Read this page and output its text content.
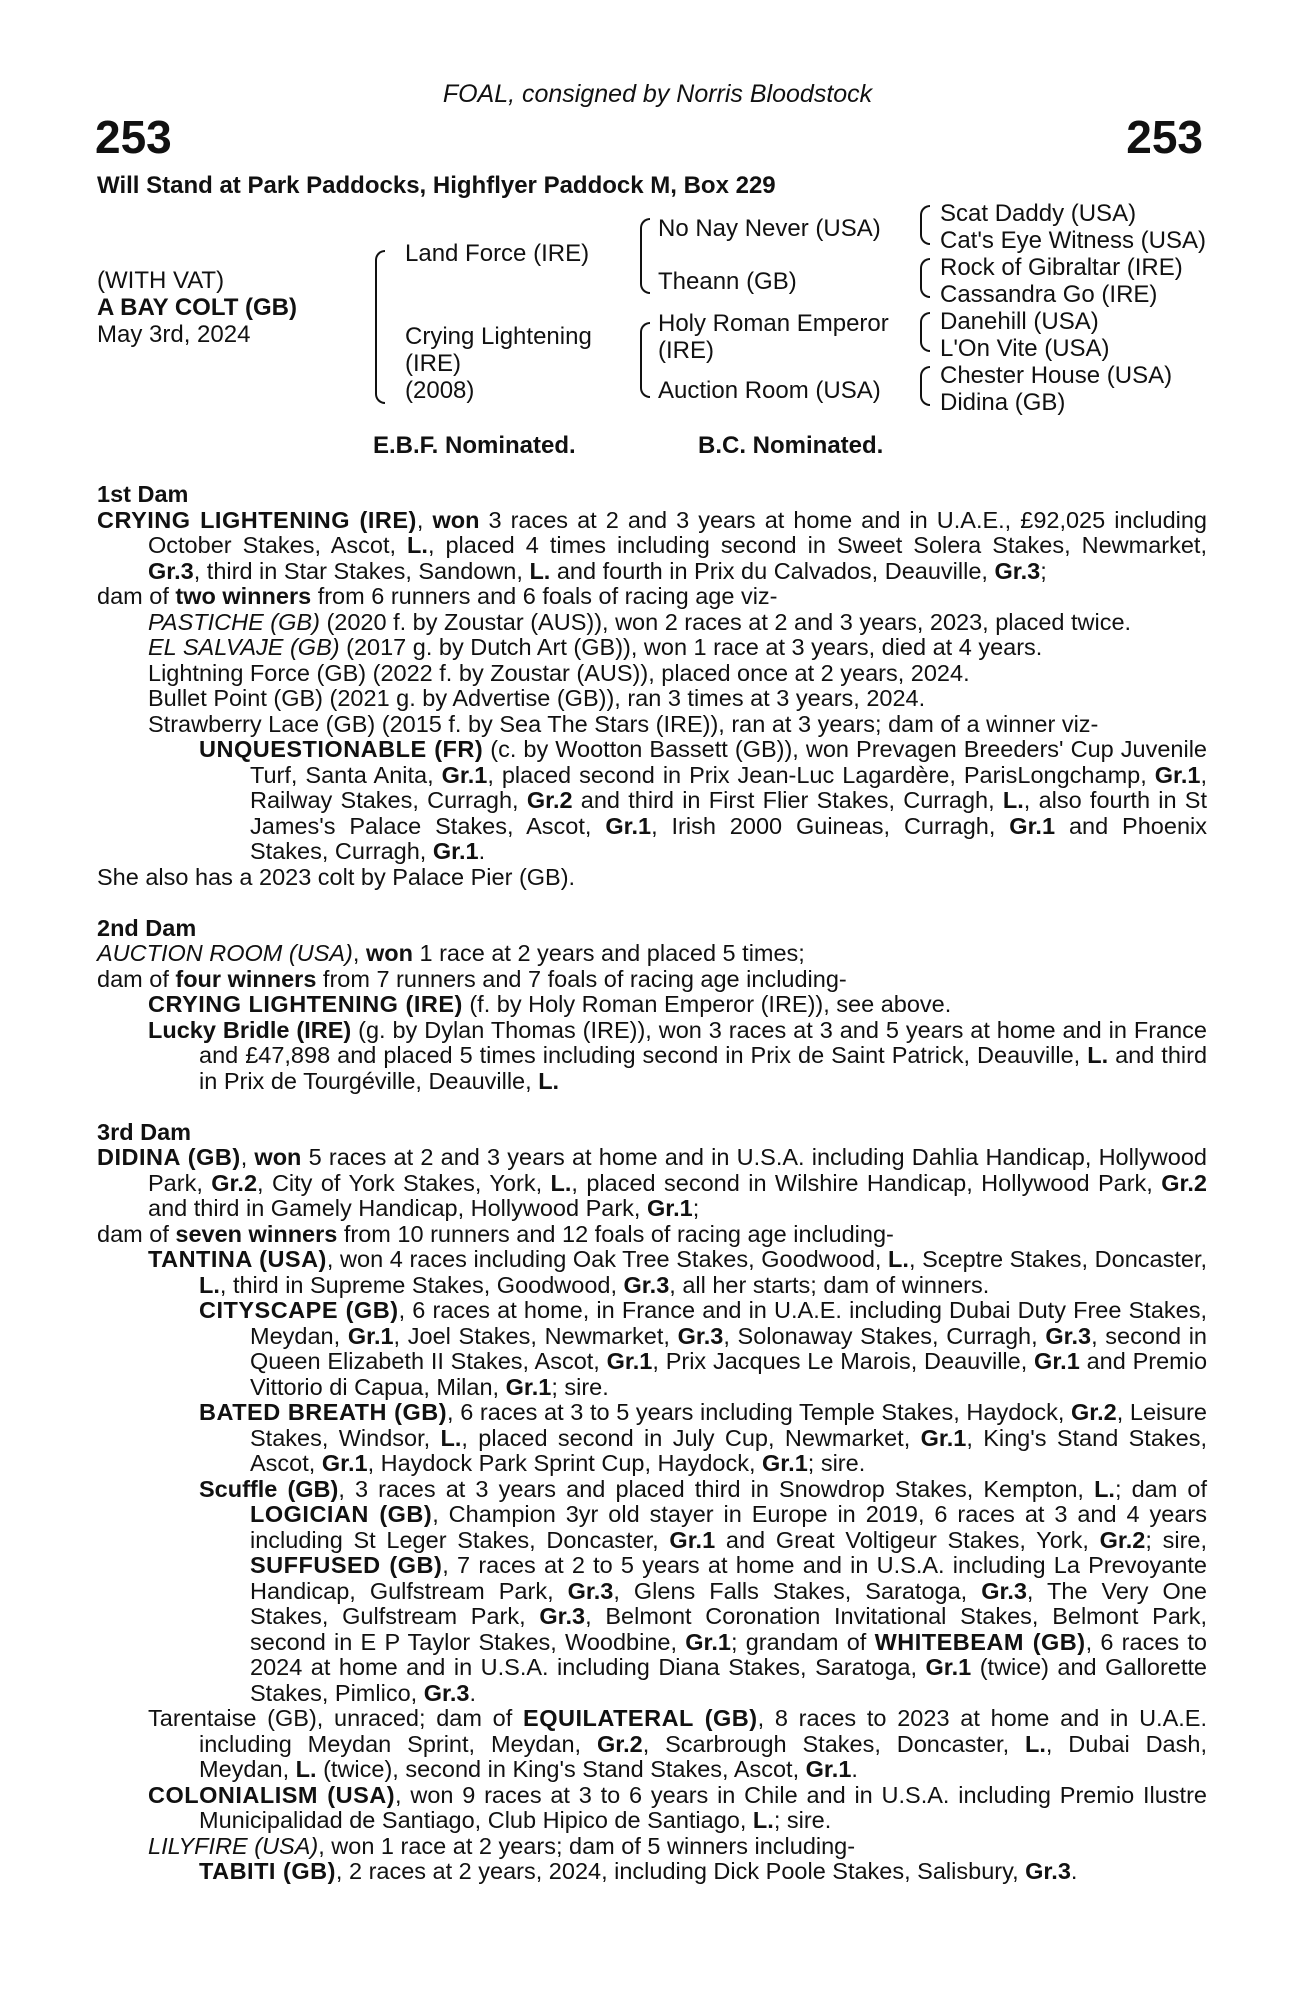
FOAL, consigned by Norris Bloodstock
253	253
Will Stand at Park Paddocks, Highflyer Paddock M, Box 229
(WITH VAT)
A BAY COLT (GB)
May 3rd, 2024
Land Force (IRE)
Crying Lightening
(IRE)
(2008)
No Nay Never (USA)
Theann (GB)
Holy Roman Emperor
(IRE)
Auction Room (USA)
Scat Daddy (USA)
Cat's Eye Witness (USA)
Rock of Gibraltar (IRE)
Cassandra Go (IRE)
Danehill (USA)
L'On Vite (USA)
Chester House (USA)
Didina (GB)
E.B.F. Nominated.	B.C. Nominated.

1st Dam

CRYING LIGHTENING (IRE), won 3 races at 2 and 3 years at home and in U.A.E., £92,025 including October Stakes, Ascot, L., placed 4 times including second in Sweet Solera Stakes, Newmarket, Gr.3, third in Star Stakes, Sandown, L. and fourth in Prix du Calvados, Deauville, Gr.3;

dam of two winners from 6 runners and 6 foals of racing age viz-

PASTICHE (GB) (2020 f. by Zoustar (AUS)), won 2 races at 2 and 3 years, 2023, placed twice.

EL SALVAJE (GB) (2017 g. by Dutch Art (GB)), won 1 race at 3 years, died at 4 years.

Lightning Force (GB) (2022 f. by Zoustar (AUS)), placed once at 2 years, 2024.

Bullet Point (GB) (2021 g. by Advertise (GB)), ran 3 times at 3 years, 2024.

Strawberry Lace (GB) (2015 f. by Sea The Stars (IRE)), ran at 3 years; dam of a winner viz-

UNQUESTIONABLE (FR) (c. by Wootton Bassett (GB)), won Prevagen Breeders' Cup Juvenile Turf, Santa Anita, Gr.1, placed second in Prix Jean-Luc Lagardère, ParisLongchamp, Gr.1, Railway Stakes, Curragh, Gr.2 and third in First Flier Stakes, Curragh, L., also fourth in St James's Palace Stakes, Ascot, Gr.1, Irish 2000 Guineas, Curragh, Gr.1 and Phoenix Stakes, Curragh, Gr.1.

She also has a 2023 colt by Palace Pier (GB).

2nd Dam

AUCTION ROOM (USA), won 1 race at 2 years and placed 5 times;

dam of four winners from 7 runners and 7 foals of racing age including-

CRYING LIGHTENING (IRE) (f. by Holy Roman Emperor (IRE)), see above.

Lucky Bridle (IRE) (g. by Dylan Thomas (IRE)), won 3 races at 3 and 5 years at home and in France and £47,898 and placed 5 times including second in Prix de Saint Patrick, Deauville, L. and third in Prix de Tourgéville, Deauville, L.

3rd Dam

DIDINA (GB), won 5 races at 2 and 3 years at home and in U.S.A. including Dahlia Handicap, Hollywood Park, Gr.2, City of York Stakes, York, L., placed second in Wilshire Handicap, Hollywood Park, Gr.2 and third in Gamely Handicap, Hollywood Park, Gr.1;

dam of seven winners from 10 runners and 12 foals of racing age including-

TANTINA (USA), won 4 races including Oak Tree Stakes, Goodwood, L., Sceptre Stakes, Doncaster, L., third in Supreme Stakes, Goodwood, Gr.3, all her starts; dam of winners.

CITYSCAPE (GB), 6 races at home, in France and in U.A.E. including Dubai Duty Free Stakes, Meydan, Gr.1, Joel Stakes, Newmarket, Gr.3, Solonaway Stakes, Curragh, Gr.3, second in Queen Elizabeth II Stakes, Ascot, Gr.1, Prix Jacques Le Marois, Deauville, Gr.1 and Premio Vittorio di Capua, Milan, Gr.1; sire.

BATED BREATH (GB), 6 races at 3 to 5 years including Temple Stakes, Haydock, Gr.2, Leisure Stakes, Windsor, L., placed second in July Cup, Newmarket, Gr.1, King's Stand Stakes, Ascot, Gr.1, Haydock Park Sprint Cup, Haydock, Gr.1; sire.

Scuffle (GB), 3 races at 3 years and placed third in Snowdrop Stakes, Kempton, L.; dam of LOGICIAN (GB), Champion 3yr old stayer in Europe in 2019, 6 races at 3 and 4 years including St Leger Stakes, Doncaster, Gr.1 and Great Voltigeur Stakes, York, Gr.2; sire, SUFFUSED (GB), 7 races at 2 to 5 years at home and in U.S.A. including La Prevoyante Handicap, Gulfstream Park, Gr.3, Glens Falls Stakes, Saratoga, Gr.3, The Very One Stakes, Gulfstream Park, Gr.3, Belmont Coronation Invitational Stakes, Belmont Park, second in E P Taylor Stakes, Woodbine, Gr.1; grandam of WHITEBEAM (GB), 6 races to 2024 at home and in U.S.A. including Diana Stakes, Saratoga, Gr.1 (twice) and Gallorette Stakes, Pimlico, Gr.3.

Tarentaise (GB), unraced; dam of EQUILATERAL (GB), 8 races to 2023 at home and in U.A.E. including Meydan Sprint, Meydan, Gr.2, Scarbrough Stakes, Doncaster, L., Dubai Dash, Meydan, L. (twice), second in King's Stand Stakes, Ascot, Gr.1.

COLONIALISM (USA), won 9 races at 3 to 6 years in Chile and in U.S.A. including Premio Ilustre Municipalidad de Santiago, Club Hipico de Santiago, L.; sire.

LILYFIRE (USA), won 1 race at 2 years; dam of 5 winners including-

TABITI (GB), 2 races at 2 years, 2024, including Dick Poole Stakes, Salisbury, Gr.3.
